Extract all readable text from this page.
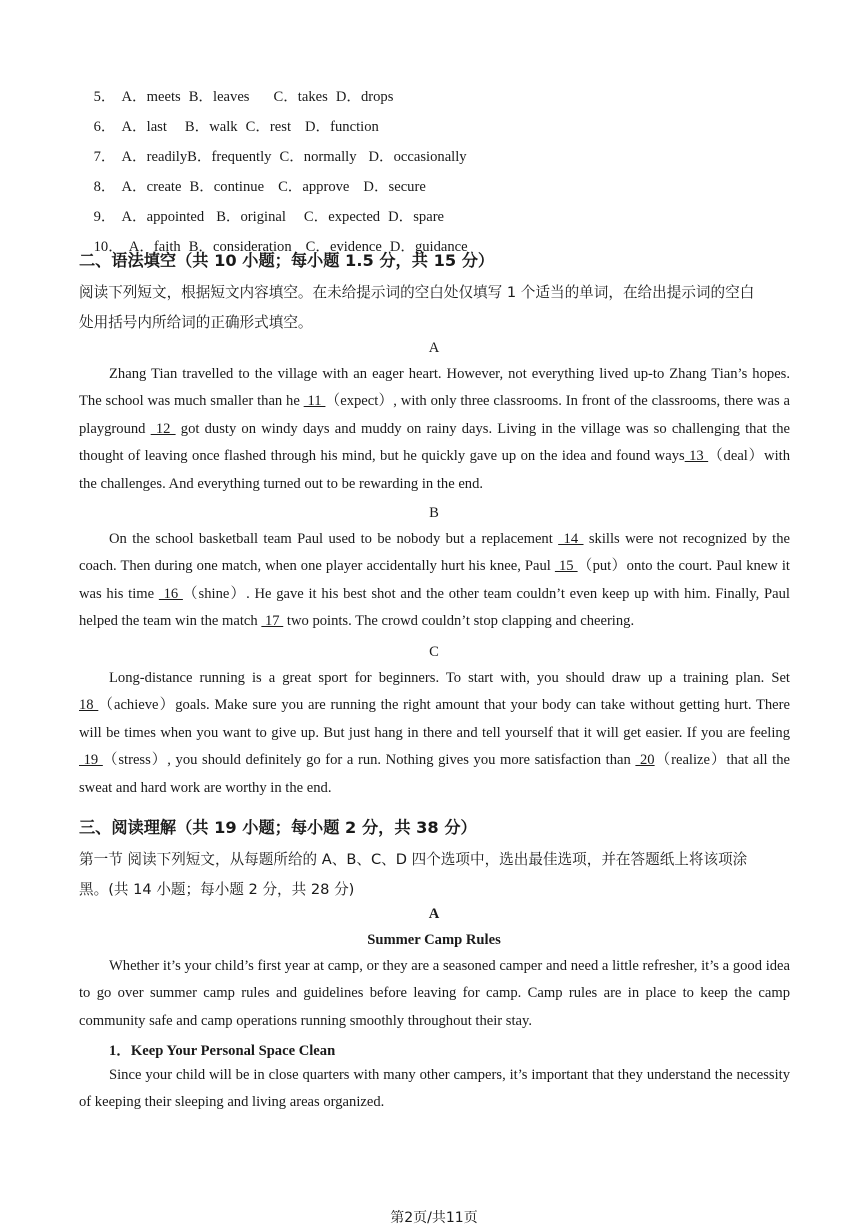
5． A．meets B．leaves C．takes D．drops

6． A．last B．walk C．rest D．function

7． A．readilyB．frequently C．normally D．occasionally

8． A．create B．continue C．approve D．secure

9． A．appointed B．original C．expected D．spare

10． A．faith B．consideration C．evidence D．guidance

二、语法填空（共 10 小题；每小题 1.5 分，共 15 分）
阅读下列短文，根据短文内容填空。在未给提示词的空白处仅填写 1 个适当的单词，在给出提示词的空白
处用括号内所给词的正确形式填空。
A
Zhang Tian travelled to the village with an eager heart. However, not everything lived up-to Zhang Tian’s hopes. The school was much smaller than he  11 （expect）, with only three classrooms. In front of the classrooms, there was a playground  12  got dusty on windy days and muddy on rainy days. Living in the village was so challenging that the thought of leaving once flashed through his mind, but he quickly gave up on the idea and found ways 13 （deal）with the challenges. And everything turned out to be rewarding in the end.
B
On the school basketball team Paul used to be nobody but a replacement  14  skills were not recognized by the coach. Then during one match, when one player accidentally hurt his knee, Paul  15 （put）onto the court. Paul knew it was his time  16 （shine）. He gave it his best shot and the other team couldn’t even keep up with him. Finally, Paul helped the team win the match  17  two points. The crowd couldn’t stop clapping and cheering.
C
Long-distance running is a great sport for beginners. To start with, you should draw up a training plan. Set 18 （achieve）goals. Make sure you are running the right amount that your body can take without getting hurt. There will be times when you want to give up. But just hang in there and tell yourself that it will get easier. If you are feeling  19 （stress）, you should definitely go for a run. Nothing gives you more satisfaction than  20（realize）that all the sweat and hard work are worthy in the end.
三、阅读理解（共 19 小题；每小题 2 分，共 38 分）
第一节 阅读下列短文，从每题所给的 A、B、C、D 四个选项中，选出最佳选项，并在答题纸上将该项涂
黑。(共 14 小题；每小题 2 分，共 28 分)
A
Summer Camp Rules
Whether it’s your child’s first year at camp, or they are a seasoned camper and need a little refresher, it’s a good idea to go over summer camp rules and guidelines before leaving for camp. Camp rules are in place to keep the camp community safe and camp operations running smoothly throughout their stay.
1．Keep Your Personal Space Clean
Since your child will be in close quarters with many other campers, it’s important that they understand the necessity of keeping their sleeping and living areas organized.
第2页/共11页
